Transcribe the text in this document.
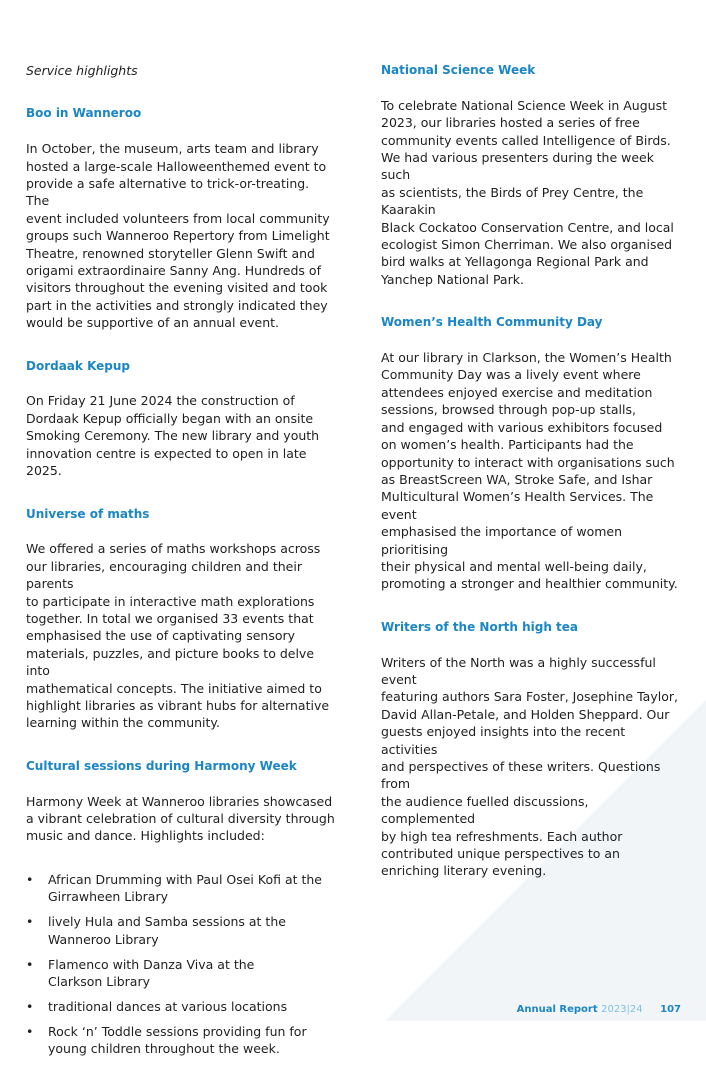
Service highlights

Boo in Wanneroo

In October, the museum, arts team and library
hosted a large-scale Halloweenthemed event to
provide a safe alternative to trick-or-treating. The
event included volunteers from local community
groups such Wanneroo Repertory from Limelight
Theatre, renowned storyteller Glenn Swift and
origami extraordinaire Sanny Ang. Hundreds of
visitors throughout the evening visited and took
part in the activities and strongly indicated they
would be supportive of an annual event.

Dordaak Kepup

On Friday 21 June 2024 the construction of
Dordaak Kepup officially began with an onsite
Smoking Ceremony. The new library and youth
innovation centre is expected to open in late 2025.

Universe of maths

We offered a series of maths workshops across
our libraries, encouraging children and their parents
to participate in interactive math explorations
together. In total we organised 33 events that
emphasised the use of captivating sensory
materials, puzzles, and picture books to delve into
mathematical concepts. The initiative aimed to
highlight libraries as vibrant hubs for alternative
learning within the community.

Cultural sessions during Harmony Week

Harmony Week at Wanneroo libraries showcased
a vibrant celebration of cultural diversity through
music and dance. Highlights included:

• African Drumming with Paul Osei Kofi at the
Girrawheen Library
• lively Hula and Samba sessions at the
Wanneroo Library
• Flamenco with Danza Viva at the
Clarkson Library
• traditional dances at various locations
• Rock ‘n’ Toddle sessions providing fun for
young children throughout the week.
National Science Week

To celebrate National Science Week in August
2023, our libraries hosted a series of free
community events called Intelligence of Birds.
We had various presenters during the week such
as scientists, the Birds of Prey Centre, the Kaarakin
Black Cockatoo Conservation Centre, and local
ecologist Simon Cherriman. We also organised
bird walks at Yellagonga Regional Park and
Yanchep National Park.

Women’s Health Community Day

At our library in Clarkson, the Women’s Health
Community Day was a lively event where
attendees enjoyed exercise and meditation
sessions, browsed through pop-up stalls,
and engaged with various exhibitors focused
on women’s health. Participants had the
opportunity to interact with organisations such
as BreastScreen WA, Stroke Safe, and Ishar
Multicultural Women’s Health Services. The event
emphasised the importance of women prioritising
their physical and mental well-being daily,
promoting a stronger and healthier community.

Writers of the North high tea

Writers of the North was a highly successful event
featuring authors Sara Foster, Josephine Taylor,
David Allan-Petale, and Holden Sheppard. Our
guests enjoyed insights into the recent activities
and perspectives of these writers. Questions from
the audience fuelled discussions, complemented
by high tea refreshments. Each author
contributed unique perspectives to an
enriching literary evening.

Annual Report 2023|24 107
